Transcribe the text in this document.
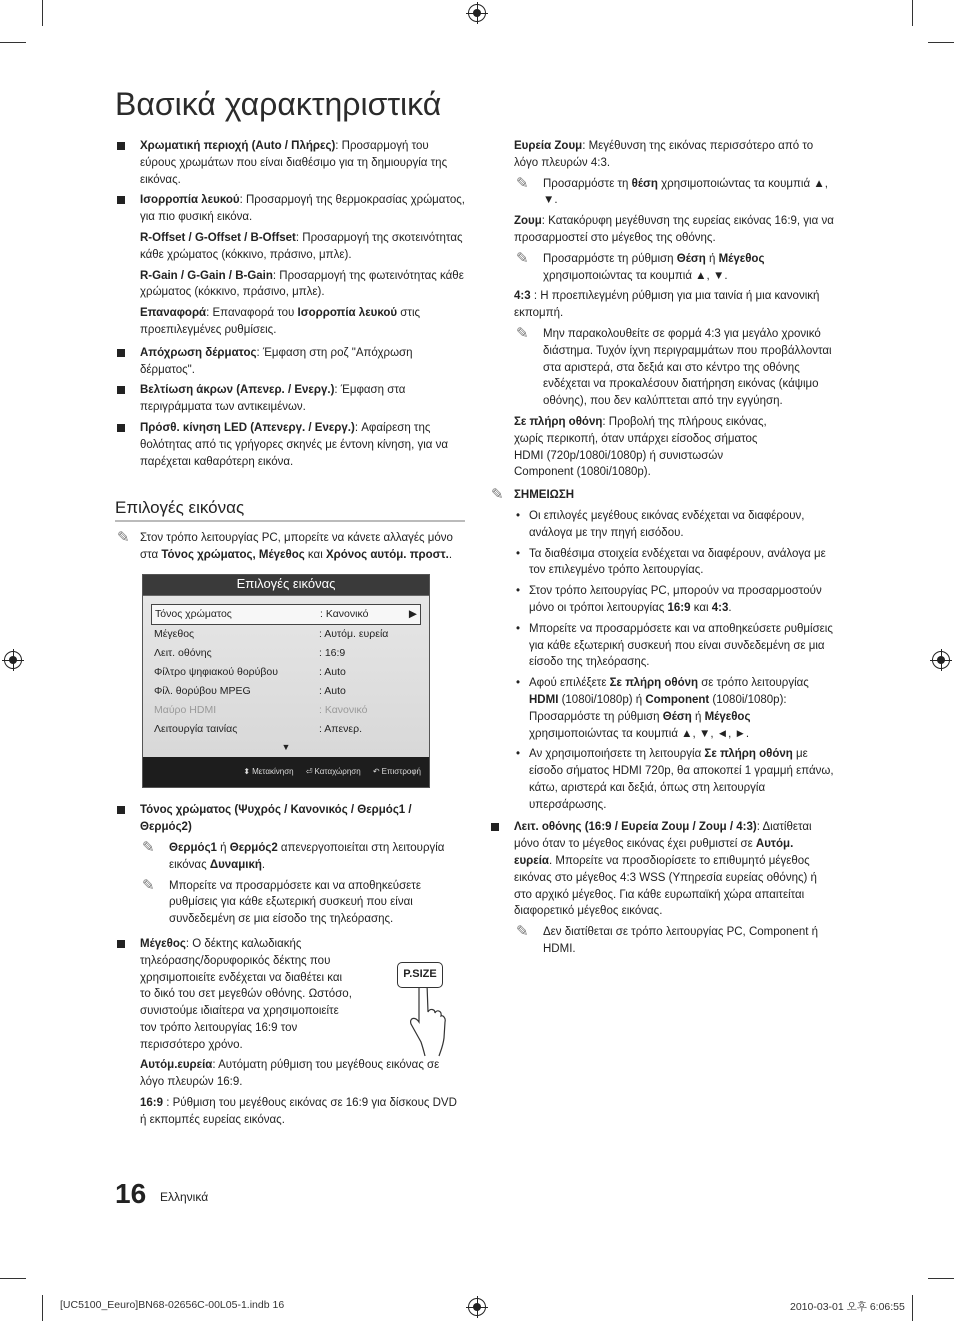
Βασικά χαρακτηριστικά

Χρωματική περιοχή (Auto / Πλήρες): Προσαρμογή του εύρους χρωμάτων που είναι διαθέσιμο για τη δημιουργία της εικόνας.

Ισορροπία λευκού: Προσαρμογή της θερμοκρασίας χρώματος, για πιο φυσική εικόνα.

R-Offset / G-Offset / B-Offset: Προσαρμογή της σκοτεινότητας κάθε χρώματος (κόκκινο, πράσινο, μπλε).

R-Gain / G-Gain / B-Gain: Προσαρμογή της φωτεινότητας κάθε χρώματος (κόκκινο, πράσινο, μπλε).

Επαναφορά: Επαναφορά του Ισορροπία λευκού στις προεπιλεγμένες ρυθμίσεις.

Απόχρωση δέρματος: Έμφαση στη ροζ "Απόχρωση δέρματος".

Βελτίωση άκρων (Απενερ. / Ενεργ.): Έμφαση στα περιγράμματα των αντικειμένων.

Πρόσθ. κίνηση LED (Απενεργ. / Ενεργ.): Αφαίρεση της θολότητας από τις γρήγορες σκηνές με έντονη κίνηση, για να παρέχεται καθαρότερη εικόνα.

Επιλογές εικόνας

✎ Στον τρόπο λειτουργίας PC, μπορείτε να κάνετε αλλαγές μόνο στα Τόνος χρώματος, Μέγεθος και Χρόνος αυτόμ. προστ..

Επιλογές εικόνας
Τόνος χρώματος	: Κανονικό	▶
Μέγεθος	: Αυτόμ. ευρεία
Λειτ. οθόνης	: 16:9
Φίλτρο ψηφιακού θορύβου	: Auto
Φίλ. θορύβου MPEG	: Auto
Μαύρο HDMI	: Κανονικό
Λειτουργία ταινίας	: Απενερ.
▼
⬍ Μετακίνηση ⏎ Καταχώρηση ↶ Επιστροφή

Τόνος χρώματος (Ψυχρός / Κανονικός / Θερμός1 / Θερμός2)

✎ Θερμός1 ή Θερμός2 απενεργοποιείται στη λειτουργία εικόνας Δυναμική.

✎ Μπορείτε να προσαρμόσετε και να αποθηκεύσετε ρυθμίσεις για κάθε εξωτερική συσκευή που είναι συνδεδεμένη σε μια είσοδο της τηλεόρασης.

Μέγεθος: Ο δέκτης καλωδιακής τηλεόρασης/δορυφορικός δέκτης που χρησιμοποιείτε ενδέχεται να διαθέτει και το δικό του σετ μεγεθών οθόνης. Ωστόσο, συνιστούμε ιδιαίτερα να χρησιμοποιείτε τον τρόπο λειτουργίας 16:9 τον περισσότερο χρόνο.

Αυτόμ.ευρεία: Αυτόματη ρύθμιση του μεγέθους εικόνας σε λόγο πλευρών 16:9.

16:9 : Ρύθμιση του μεγέθους εικόνας σε 16:9 για δίσκους DVD ή εκπομπές ευρείας εικόνας.

P.SIZE

Ευρεία Ζουμ: Μεγέθυνση της εικόνας περισσότερο από το λόγο πλευρών 4:3.

✎ Προσαρμόστε τη θέση χρησιμοποιώντας τα κουμπιά ▲, ▼.

Ζουμ: Κατακόρυφη μεγέθυνση της ευρείας εικόνας 16:9, για να προσαρμοστεί στο μέγεθος της οθόνης.

✎ Προσαρμόστε τη ρύθμιση Θέση ή Μέγεθος χρησιμοποιώντας τα κουμπιά ▲, ▼.

4:3 : Η προεπιλεγμένη ρύθμιση για μια ταινία ή μια κανονική εκπομπή.

✎ Μην παρακολουθείτε σε φορμά 4:3 για μεγάλο χρονικό διάστημα. Τυχόν ίχνη περιγραμμάτων που προβάλλονται στα αριστερά, στα δεξιά και στο κέντρο της οθόνης ενδέχεται να προκαλέσουν διατήρηση εικόνας (κάψιμο οθόνης), που δεν καλύπτεται από την εγγύηση.

Σε πλήρη οθόνη: Προβολή της πλήρους εικόνας, χωρίς περικοπή, όταν υπάρχει είσοδος σήματος HDMI (720p/1080i/1080p) ή συνιστωσών Component (1080i/1080p).

✎ ΣΗΜΕΙΩΣΗ

• Οι επιλογές μεγέθους εικόνας ενδέχεται να διαφέρουν, ανάλογα με την πηγή εισόδου.

• Τα διαθέσιμα στοιχεία ενδέχεται να διαφέρουν, ανάλογα με τον επιλεγμένο τρόπο λειτουργίας.

• Στον τρόπο λειτουργίας PC, μπορούν να προσαρμοστούν μόνο οι τρόποι λειτουργίας 16:9 και 4:3.

• Μπορείτε να προσαρμόσετε και να αποθηκεύσετε ρυθμίσεις για κάθε εξωτερική συσκευή που είναι συνδεδεμένη σε μια είσοδο της τηλεόρασης.

• Αφού επιλέξετε Σε πλήρη οθόνη σε τρόπο λειτουργίας HDMI (1080i/1080p) ή Component (1080i/1080p): Προσαρμόστε τη ρύθμιση Θέση ή Μέγεθος χρησιμοποιώντας τα κουμπιά ▲, ▼, ◄, ►.

• Αν χρησιμοποιήσετε τη λειτουργία Σε πλήρη οθόνη με είσοδο σήματος HDMI 720p, θα αποκοπεί 1 γραμμή επάνω, κάτω, αριστερά και δεξιά, όπως στη λειτουργία υπερσάρωσης.

Λειτ. οθόνης (16:9 / Ευρεία Ζουμ / Ζουμ / 4:3): Διατίθεται μόνο όταν το μέγεθος εικόνας έχει ρυθμιστεί σε Αυτόμ. ευρεία. Μπορείτε να προσδιορίσετε το επιθυμητό μέγεθος εικόνας στο μέγεθος 4:3 WSS (Υπηρεσία ευρείας οθόνης) ή στο αρχικό μέγεθος. Για κάθε ευρωπαϊκή χώρα απαιτείται διαφορετικό μέγεθος εικόνας.

✎ Δεν διατίθεται σε τρόπο λειτουργίας PC, Component ή HDMI.

16 Ελληνικά
[UC5100_Eeuro]BN68-02656C-00L05-1.indb 16	2010-03-01 오후 6:06:55
